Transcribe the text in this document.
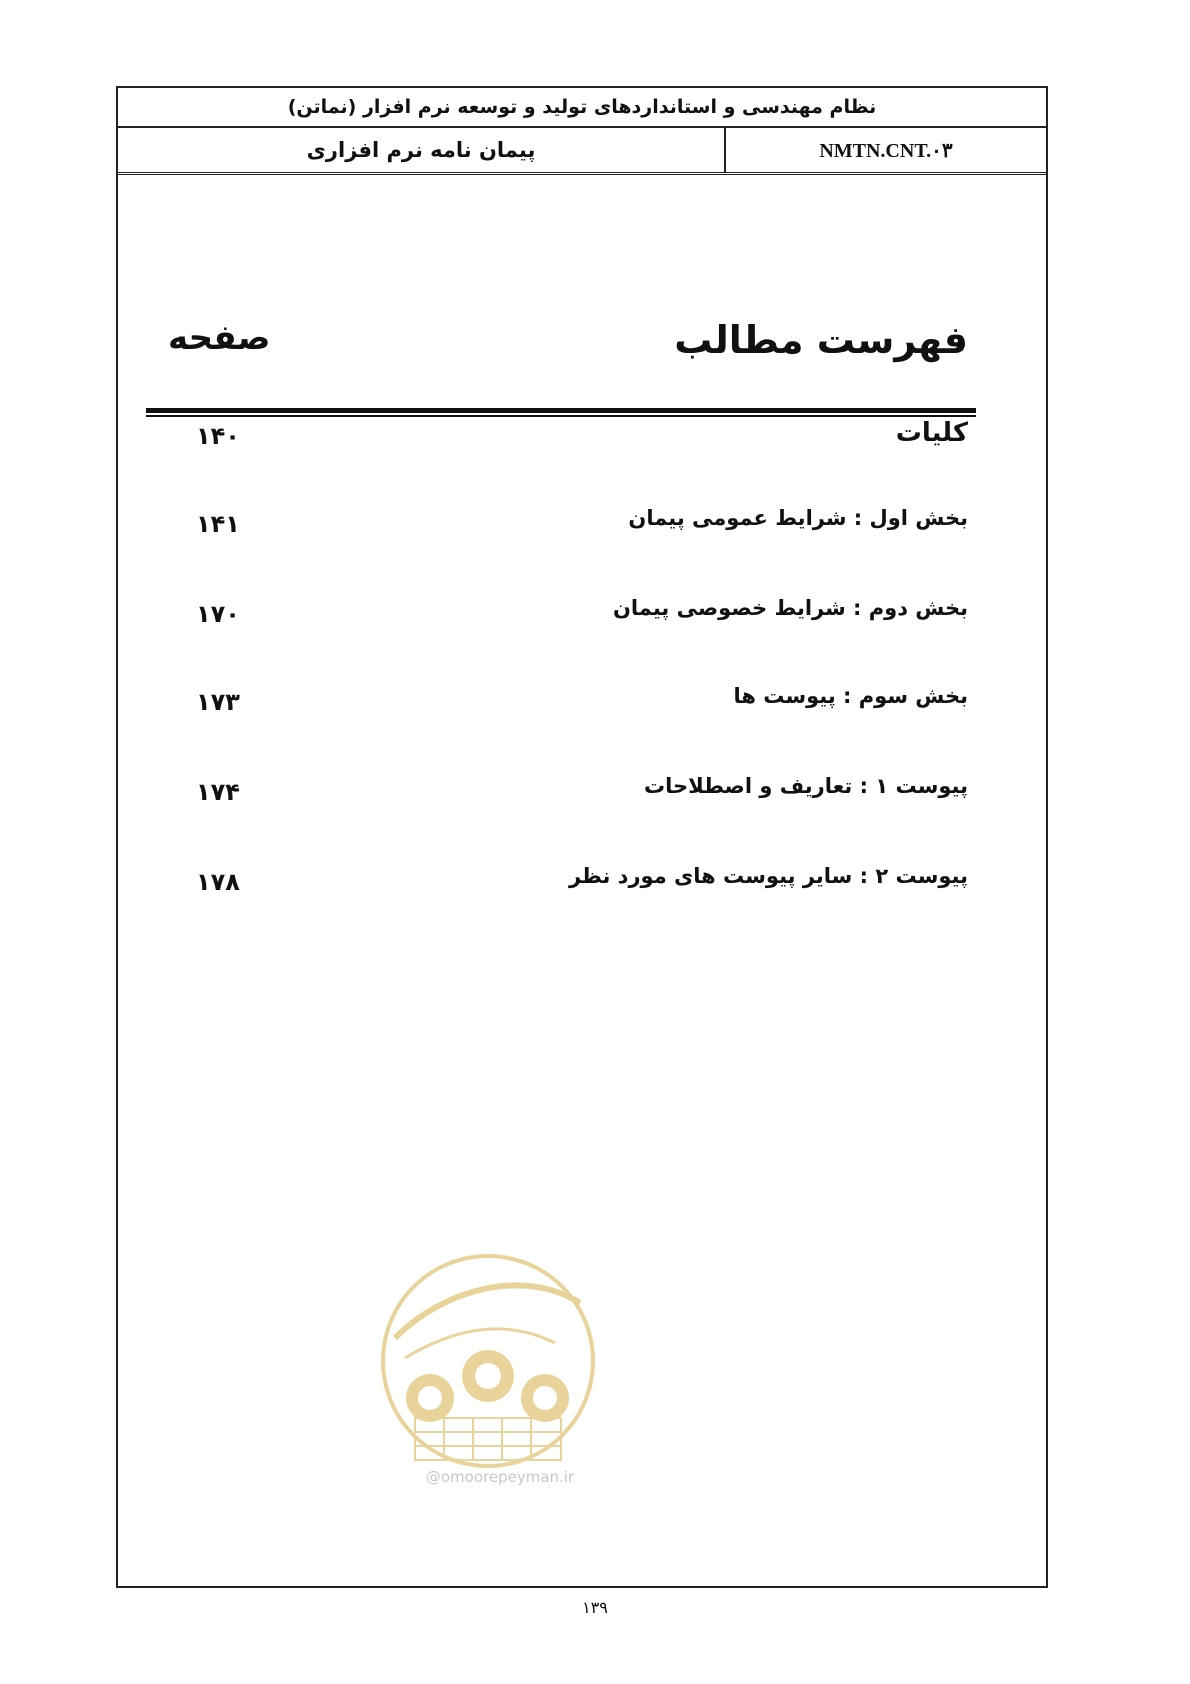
نظام مهندسی و استانداردهای تولید و توسعه نرم افزار (نماتن)
NMTN.CNT.۰۳
پیمان نامه نرم افزاری
فهرست مطالب
صفحه
کلیات
۱۴۰
بخش اول : شرایط عمومی پیمان
۱۴۱
بخش دوم : شرایط خصوصی پیمان
۱۷۰
بخش سوم : پیوست ها
۱۷۳
پیوست ۱ : تعاریف و اصطلاحات
۱۷۴
پیوست ۲ : سایر پیوست های مورد نظر
۱۷۸
@omoorepeyman.ir
۱۳۹
